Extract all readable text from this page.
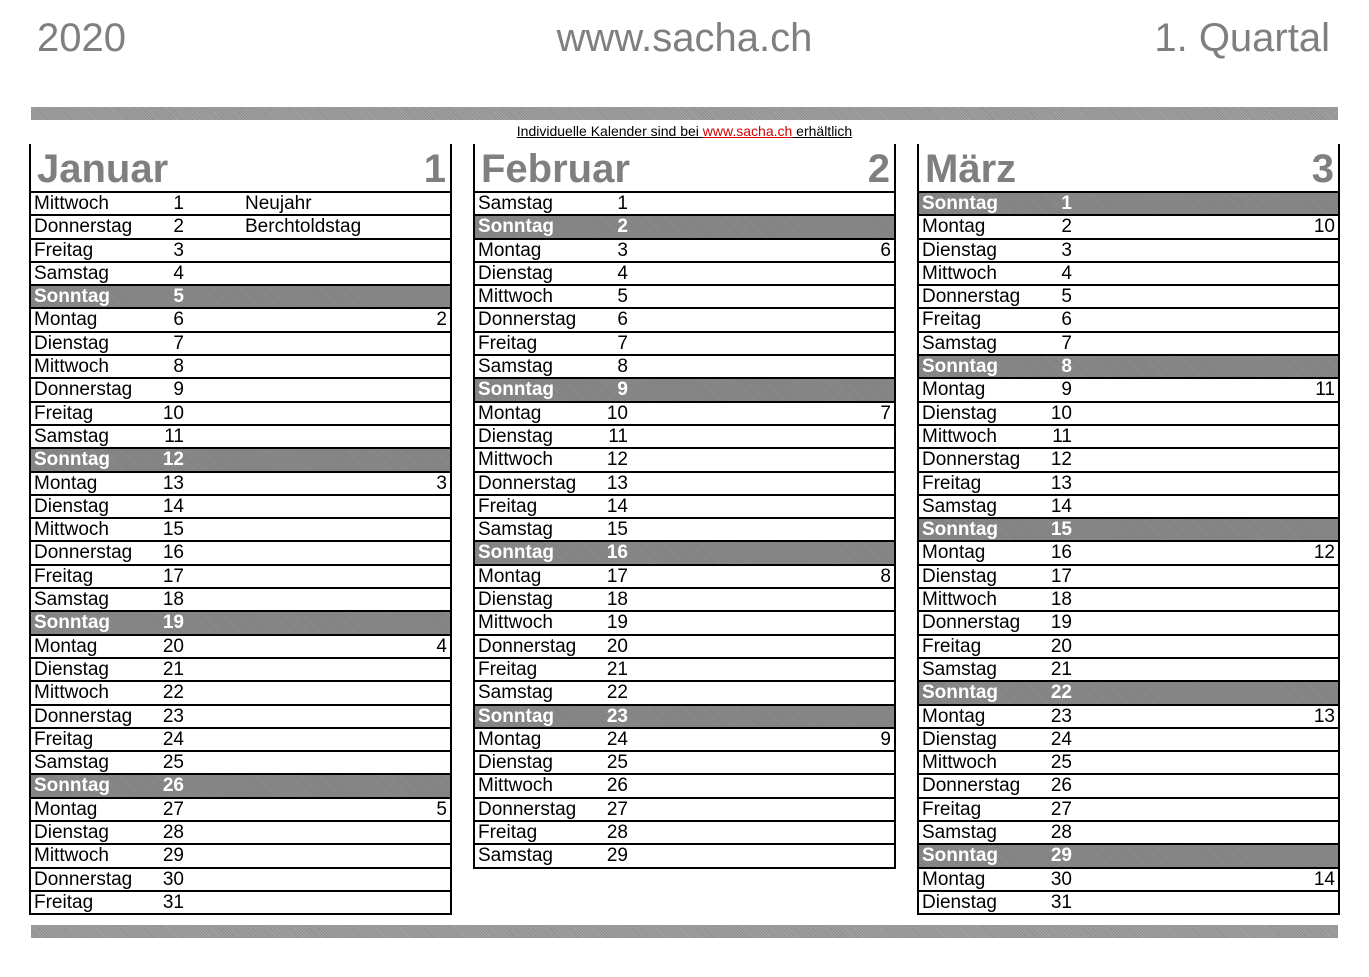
2020	www.sacha.ch	1. Quartal
Individuelle Kalender sind bei www.sacha.ch erhältlich
Januar	1
Mittwoch	1	Neujahr
Donnerstag	2	Berchtoldstag
Freitag	3
Samstag	4
Sonntag	5
Montag	6	2
Dienstag	7
Mittwoch	8
Donnerstag	9
Freitag	10
Samstag	11
Sonntag	12
Montag	13	3
Dienstag	14
Mittwoch	15
Donnerstag	16
Freitag	17
Samstag	18
Sonntag	19
Montag	20	4
Dienstag	21
Mittwoch	22
Donnerstag	23
Freitag	24
Samstag	25
Sonntag	26
Montag	27	5
Dienstag	28
Mittwoch	29
Donnerstag	30
Freitag	31
Februar	2
Samstag	1
Sonntag	2
Montag	3	6
Dienstag	4
Mittwoch	5
Donnerstag	6
Freitag	7
Samstag	8
Sonntag	9
Montag	10	7
Dienstag	11
Mittwoch	12
Donnerstag	13
Freitag	14
Samstag	15
Sonntag	16
Montag	17	8
Dienstag	18
Mittwoch	19
Donnerstag	20
Freitag	21
Samstag	22
Sonntag	23
Montag	24	9
Dienstag	25
Mittwoch	26
Donnerstag	27
Freitag	28
Samstag	29
März	3
Sonntag	1
Montag	2	10
Dienstag	3
Mittwoch	4
Donnerstag	5
Freitag	6
Samstag	7
Sonntag	8
Montag	9	11
Dienstag	10
Mittwoch	11
Donnerstag	12
Freitag	13
Samstag	14
Sonntag	15
Montag	16	12
Dienstag	17
Mittwoch	18
Donnerstag	19
Freitag	20
Samstag	21
Sonntag	22
Montag	23	13
Dienstag	24
Mittwoch	25
Donnerstag	26
Freitag	27
Samstag	28
Sonntag	29
Montag	30	14
Dienstag	31
